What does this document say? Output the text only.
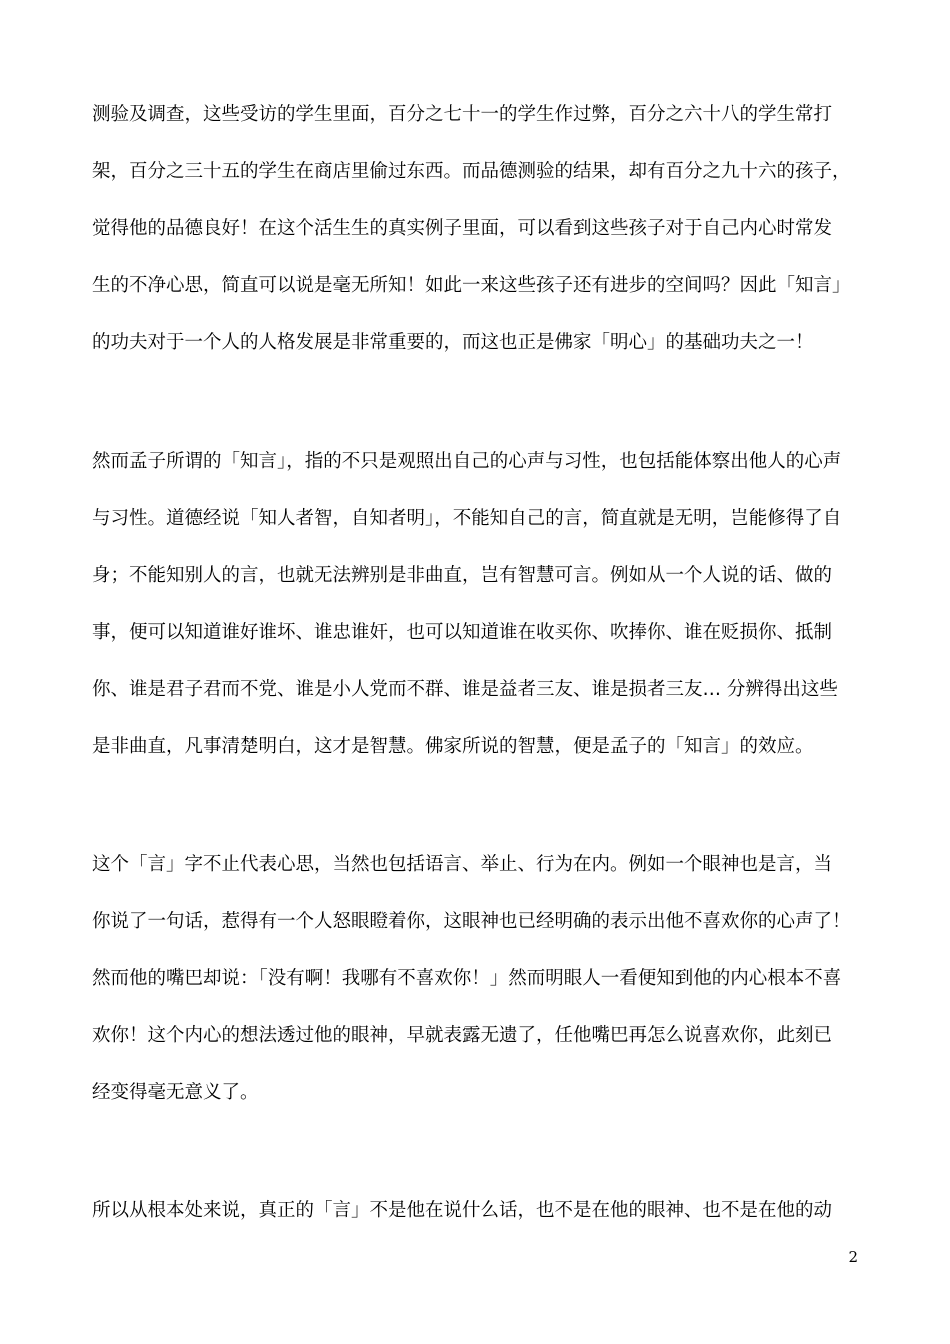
测验及调查，这些受访的学生里面，百分之七十一的学生作过弊，百分之六十八的学生常打
架，百分之三十五的学生在商店里偷过东西。而品德测验的结果，却有百分之九十六的孩子，
觉得他的品德良好！在这个活生生的真实例子里面，可以看到这些孩子对于自己内心时常发
生的不净心思，简直可以说是毫无所知！如此一来这些孩子还有进步的空间吗？因此「知言」
的功夫对于一个人的人格发展是非常重要的，而这也正是佛家「明心」的基础功夫之一！
然而孟子所谓的「知言」，指的不只是观照出自己的心声与习性，也包括能体察出他人的心声
与习性。道德经说「知人者智，自知者明」，不能知自己的言，简直就是无明，岂能修得了自
身；不能知别人的言，也就无法辨别是非曲直，岂有智慧可言。例如从一个人说的话、做的
事，便可以知道谁好谁坏、谁忠谁奸，也可以知道谁在收买你、吹捧你、谁在贬损你、抵制
你、谁是君子君而不党、谁是小人党而不群、谁是益者三友、谁是损者三友… 分辨得出这些
是非曲直，凡事清楚明白，这才是智慧。佛家所说的智慧，便是孟子的「知言」的效应。
这个「言」字不止代表心思，当然也包括语言、举止、行为在内。例如一个眼神也是言，当
你说了一句话，惹得有一个人怒眼瞪着你，这眼神也已经明确的表示出他不喜欢你的心声了！
然而他的嘴巴却说：「没有啊！我哪有不喜欢你！」然而明眼人一看便知到他的内心根本不喜
欢你！这个内心的想法透过他的眼神，早就表露无遗了，任他嘴巴再怎么说喜欢你，此刻已
经变得毫无意义了。
所以从根本处来说，真正的「言」不是他在说什么话，也不是在他的眼神、也不是在他的动
2
